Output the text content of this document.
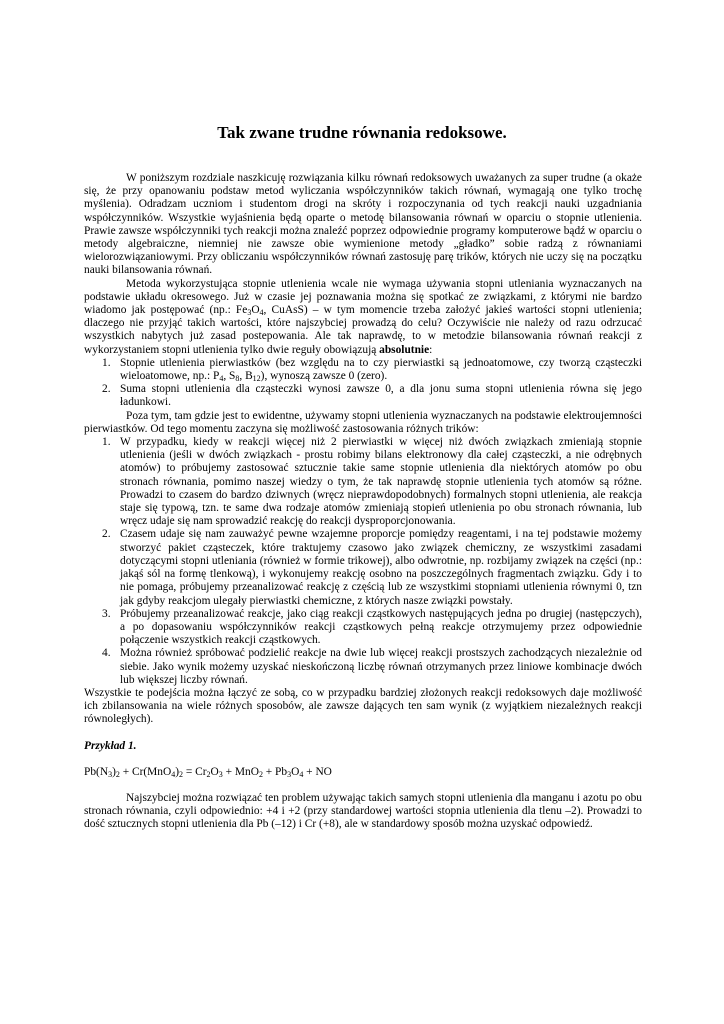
Tak zwane trudne równania redoksowe.

W poniższym rozdziale naszkicuję rozwiązania kilku równań redoksowych uważanych za super trudne (a okaże się, że przy opanowaniu podstaw metod wyliczania współczynników takich równań, wymagają one tylko trochę myślenia). Odradzam uczniom i studentom drogi na skróty i rozpoczynania od tych reakcji nauki uzgadniania współczynników. Wszystkie wyjaśnienia będą oparte o metodę bilansowania równań w oparciu o stopnie utlenienia. Prawie zawsze współczynniki tych reakcji można znaleźć poprzez odpowiednie programy komputerowe bądź w oparciu o metody algebraiczne, niemniej nie zawsze obie wymienione metody „gładko” sobie radzą z równaniami wielorozwiązaniowymi. Przy obliczaniu współczynników równań zastosuję parę trików, których nie uczy się na początku nauki bilansowania równań.

Metoda wykorzystująca stopnie utlenienia wcale nie wymaga używania stopni utleniania wyznaczanych na podstawie układu okresowego. Już w czasie jej poznawania można się spotkać ze związkami, z którymi nie bardzo wiadomo jak postępować (np.: $Fe_3O_4$, CuAsS) – w tym momencie trzeba założyć jakieś wartości stopni utlenienia; dlaczego nie przyjąć takich wartości, które najszybciej prowadzą do celu? Oczywiście nie należy od razu odrzucać wszystkich nabytych już zasad postepowania. Ale tak naprawdę, to w metodzie bilansowania równań reakcji z wykorzystaniem stopni utlenienia tylko dwie reguły obowiązują absolutnie:

1. Stopnie utlenienia pierwiastków (bez względu na to czy pierwiastki są jednoatomowe, czy tworzą cząsteczki wieloatomowe, np.: $P_4$, $S_8$, $B_{12}$), wynoszą zawsze 0 (zero).
2. Suma stopni utlenienia dla cząsteczki wynosi zawsze 0, a dla jonu suma stopni utlenienia równa się jego ładunkowi.

Poza tym, tam gdzie jest to ewidentne, używamy stopni utlenienia wyznaczanych na podstawie elektroujemności pierwiastków. Od tego momentu zaczyna się możliwość zastosowania różnych trików:

1. W przypadku, kiedy w reakcji więcej niż 2 pierwiastki w więcej niż dwóch związkach zmieniają stopnie utlenienia (jeśli w dwóch związkach - prostu robimy bilans elektronowy dla całej cząsteczki, a nie odrębnych atomów) to próbujemy zastosować sztucznie takie same stopnie utlenienia dla niektórych atomów po obu stronach równania, pomimo naszej wiedzy o tym, że tak naprawdę stopnie utlenienia tych atomów są różne. Prowadzi to czasem do bardzo dziwnych (wręcz nieprawdopodobnych) formalnych stopni utlenienia, ale reakcja staje się typową, tzn. te same dwa rodzaje atomów zmieniają stopień utlenienia po obu stronach równania, lub wręcz udaje się nam sprowadzić reakcję do reakcji dysproporcjonowania.
2. Czasem udaje się nam zauważyć pewne wzajemne proporcje pomiędzy reagentami, i na tej podstawie możemy stworzyć pakiet cząsteczek, które traktujemy czasowo jako związek chemiczny, ze wszystkimi zasadami dotyczącymi stopni utleniania (również w formie trikowej), albo odwrotnie, np. rozbijamy związek na części (np.: jakąś sól na formę tlenkową), i wykonujemy reakcję osobno na poszczególnych fragmentach związku. Gdy i to nie pomaga, próbujemy przeanalizować reakcję z częścią lub ze wszystkimi stopniami utlenienia równymi 0, tzn jak gdyby reakcjom ulegały pierwiastki chemiczne, z których nasze związki powstały.
3. Próbujemy przeanalizować reakcje, jako ciąg reakcji cząstkowych następujących jedna po drugiej (następczych), a po dopasowaniu współczynników reakcji cząstkowych pełną reakcje otrzymujemy przez odpowiednie połączenie wszystkich reakcji cząstkowych.
4. Można również spróbować podzielić reakcje na dwie lub więcej reakcji prostszych zachodzących niezależnie od siebie. Jako wynik możemy uzyskać nieskończoną liczbę równań otrzymanych przez liniowe kombinacje dwóch lub większej liczby równań.

Wszystkie te podejścia można łączyć ze sobą, co w przypadku bardziej złożonych reakcji redoksowych daje możliwość ich zbilansowania na wiele różnych sposobów, ale zawsze dających ten sam wynik (z wyjątkiem niezależnych reakcji równoległych).

Przykład 1.

$Pb(N_3)_2 + Cr(MnO_4)_2 = Cr_2O_3 + MnO_2 + Pb_3O_4$ + NO

Najszybciej można rozwiązać ten problem używając takich samych stopni utlenienia dla manganu i azotu po obu stronach równania, czyli odpowiednio: +4 i +2 (przy standardowej wartości stopnia utlenienia dla tlenu –2). Prowadzi to dość sztucznych stopni utlenienia dla Pb (–12) i Cr (+8), ale w standardowy sposób można uzyskać odpowiedź.
